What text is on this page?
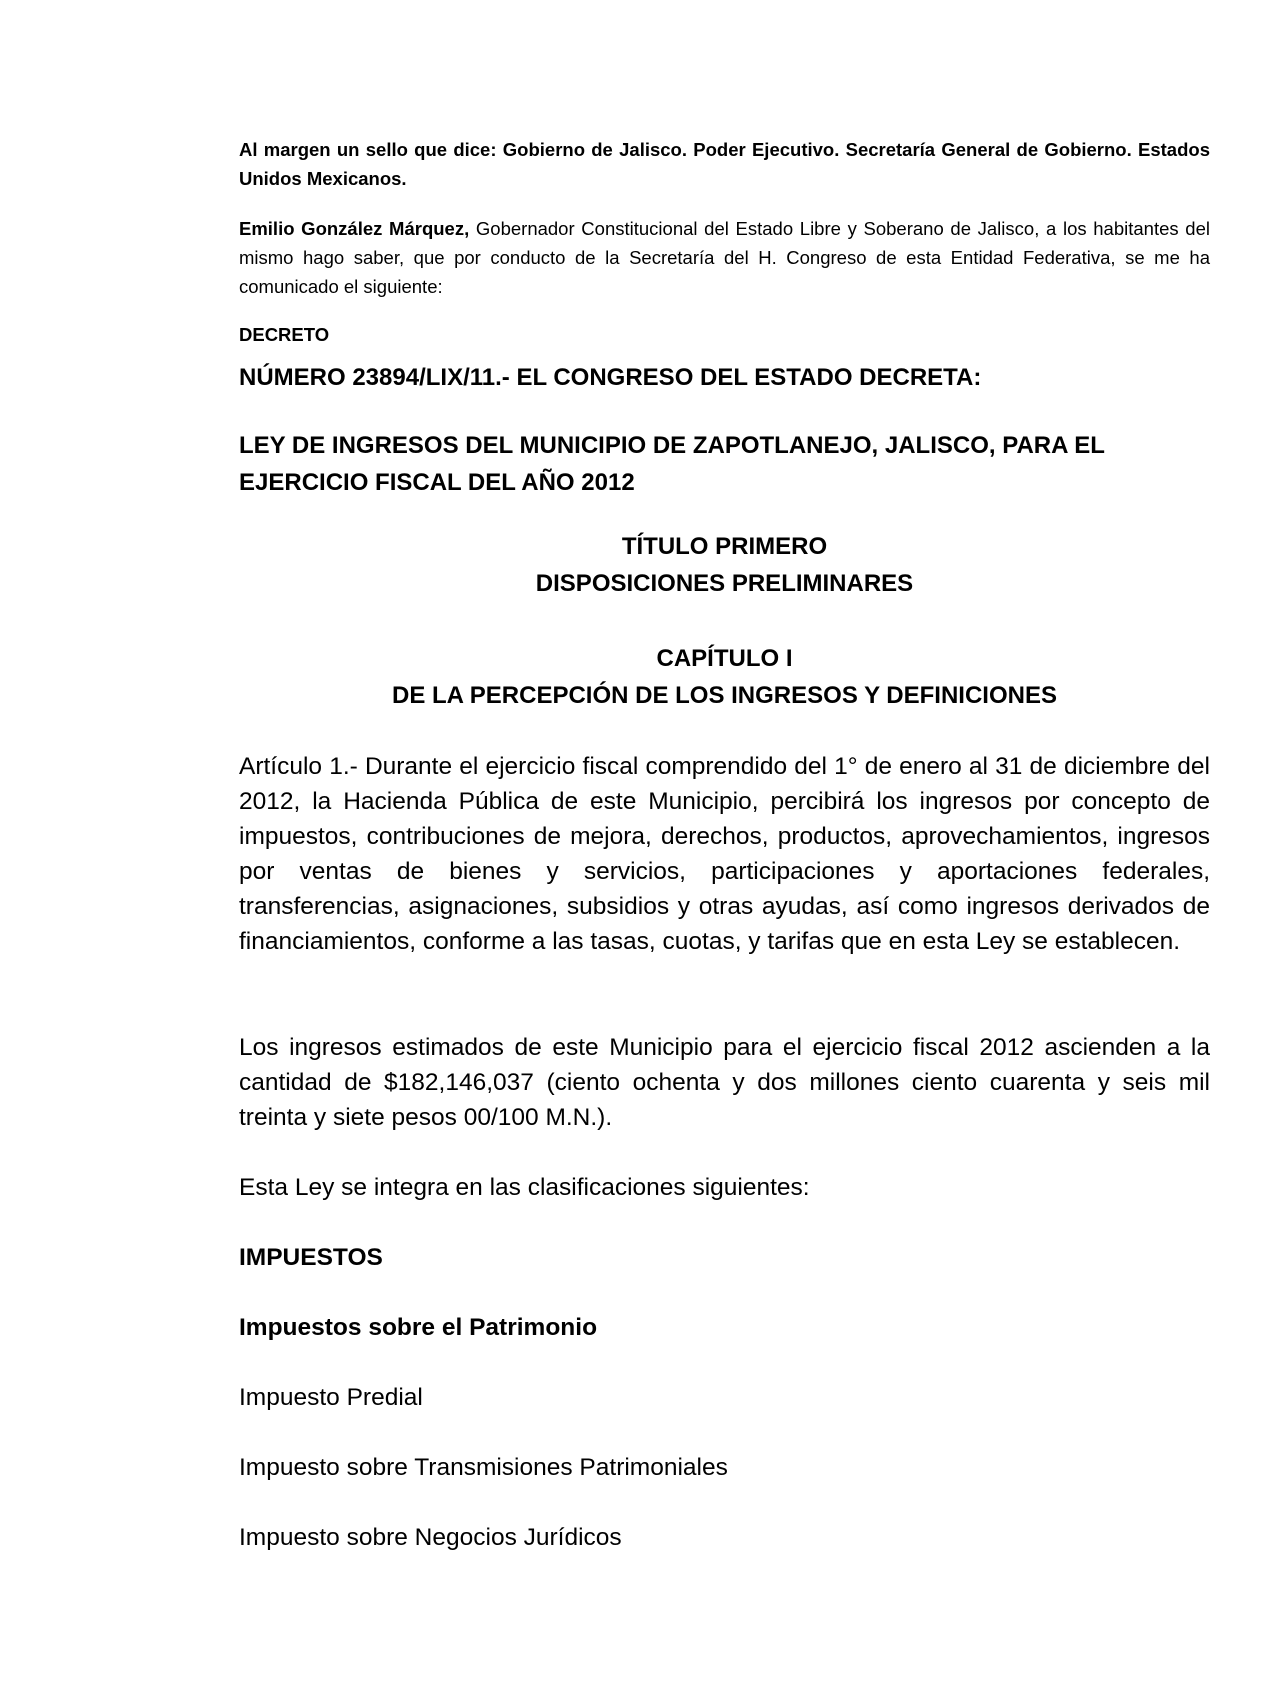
Al margen un sello que dice: Gobierno de Jalisco. Poder Ejecutivo. Secretaría General de Gobierno. Estados Unidos Mexicanos.

Emilio González Márquez, Gobernador Constitucional del Estado Libre y Soberano de Jalisco, a los habitantes del mismo hago saber, que por conducto de la Secretaría del H. Congreso de esta Entidad Federativa, se me ha comunicado el siguiente:

DECRETO

NÚMERO 23894/LIX/11.- EL CONGRESO DEL ESTADO DECRETA:

LEY DE INGRESOS DEL MUNICIPIO DE ZAPOTLANEJO, JALISCO, PARA EL EJERCICIO FISCAL DEL AÑO 2012

TÍTULO PRIMERO
DISPOSICIONES PRELIMINARES
CAPÍTULO I
DE LA PERCEPCIÓN DE LOS INGRESOS Y DEFINICIONES

Artículo 1.- Durante el ejercicio fiscal comprendido del 1° de enero al 31 de diciembre del 2012, la Hacienda Pública de este Municipio, percibirá los ingresos por concepto de impuestos, contribuciones de mejora, derechos, productos, aprovechamientos, ingresos por ventas de bienes y servicios, participaciones y aportaciones federales, transferencias, asignaciones, subsidios y otras ayudas, así como ingresos derivados de financiamientos, conforme a las tasas, cuotas, y tarifas que en esta Ley se establecen.

Los ingresos estimados de este Municipio para el ejercicio fiscal 2012 ascienden a la cantidad de $182,146,037 (ciento ochenta y dos millones ciento cuarenta y seis mil treinta y siete pesos 00/100 M.N.).

Esta Ley se integra en las clasificaciones siguientes:

IMPUESTOS

Impuestos sobre el Patrimonio

Impuesto Predial

Impuesto sobre Transmisiones Patrimoniales

Impuesto sobre Negocios Jurídicos
